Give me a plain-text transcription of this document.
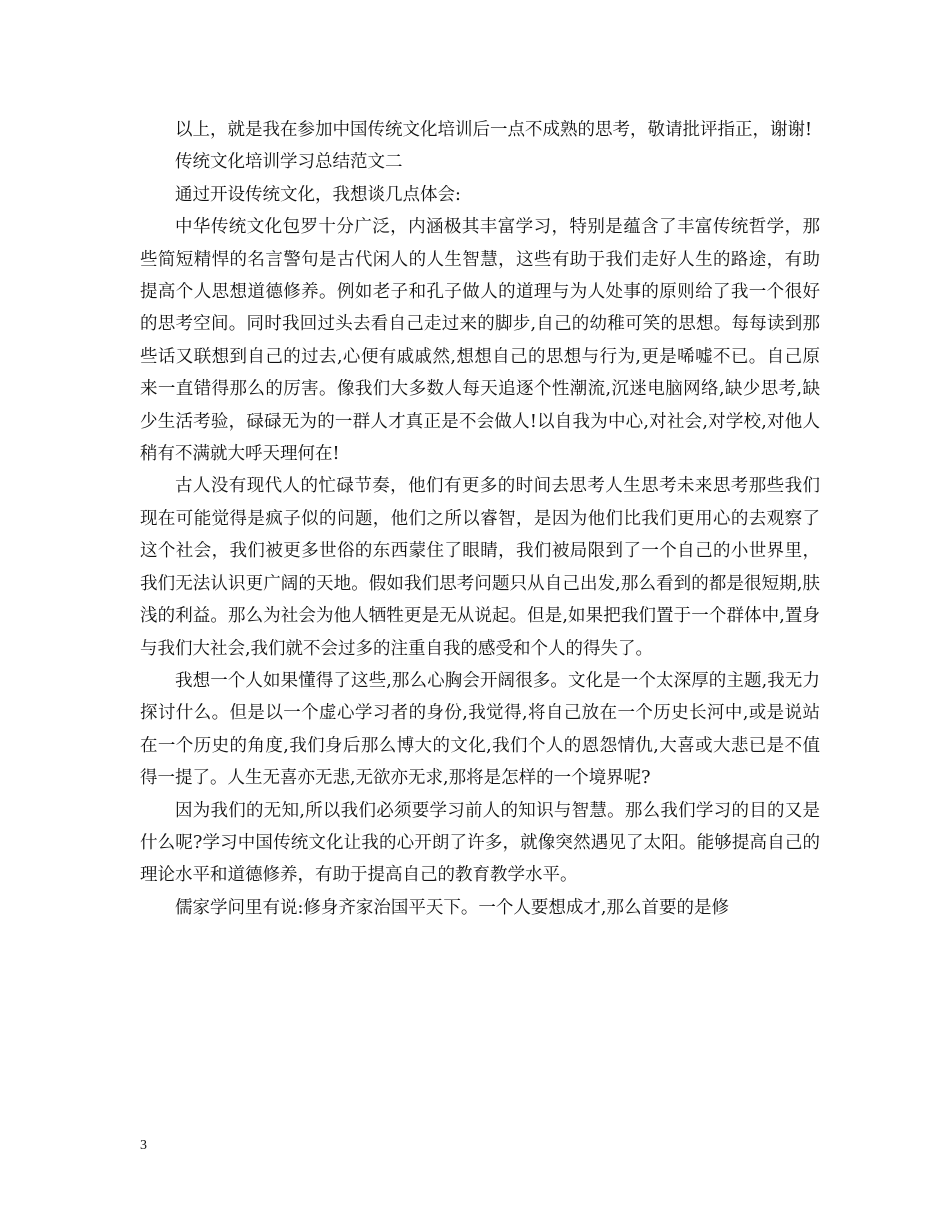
以上，就是我在参加中国传统文化培训后一点不成熟的思考，敬请批评指正，谢谢!

传统文化培训学习总结范文二

通过开设传统文化，我想谈几点体会:

中华传统文化包罗十分广泛，内涵极其丰富学习，特别是蕴含了丰富传统哲学，那些简短精悍的名言警句是古代闲人的人生智慧，这些有助于我们走好人生的路途，有助提高个人思想道德修养。例如老子和孔子做人的道理与为人处事的原则给了我一个很好的思考空间。同时我回过头去看自己走过来的脚步,自己的幼稚可笑的思想。每每读到那些话又联想到自己的过去,心便有戚戚然,想想自己的思想与行为,更是唏嘘不已。自己原来一直错得那么的厉害。像我们大多数人每天追逐个性潮流,沉迷电脑网络,缺少思考,缺少生活考验，碌碌无为的一群人才真正是不会做人!以自我为中心,对社会,对学校,对他人稍有不满就大呼天理何在!

古人没有现代人的忙碌节奏，他们有更多的时间去思考人生思考未来思考那些我们现在可能觉得是疯子似的问题，他们之所以睿智，是因为他们比我们更用心的去观察了这个社会，我们被更多世俗的东西蒙住了眼睛，我们被局限到了一个自己的小世界里，我们无法认识更广阔的天地。假如我们思考问题只从自己出发,那么看到的都是很短期,肤浅的利益。那么为社会为他人牺牲更是无从说起。但是,如果把我们置于一个群体中,置身与我们大社会,我们就不会过多的注重自我的感受和个人的得失了。

我想一个人如果懂得了这些,那么心胸会开阔很多。文化是一个太深厚的主题,我无力探讨什么。但是以一个虚心学习者的身份,我觉得,将自己放在一个历史长河中,或是说站在一个历史的角度,我们身后那么博大的文化,我们个人的恩怨情仇,大喜或大悲已是不值得一提了。人生无喜亦无悲,无欲亦无求,那将是怎样的一个境界呢?

因为我们的无知,所以我们必须要学习前人的知识与智慧。那么我们学习的目的又是什么呢?学习中国传统文化让我的心开朗了许多，就像突然遇见了太阳。能够提高自己的理论水平和道德修养，有助于提高自己的教育教学水平。

儒家学问里有说:修身齐家治国平天下。一个人要想成才,那么首要的是修

3
